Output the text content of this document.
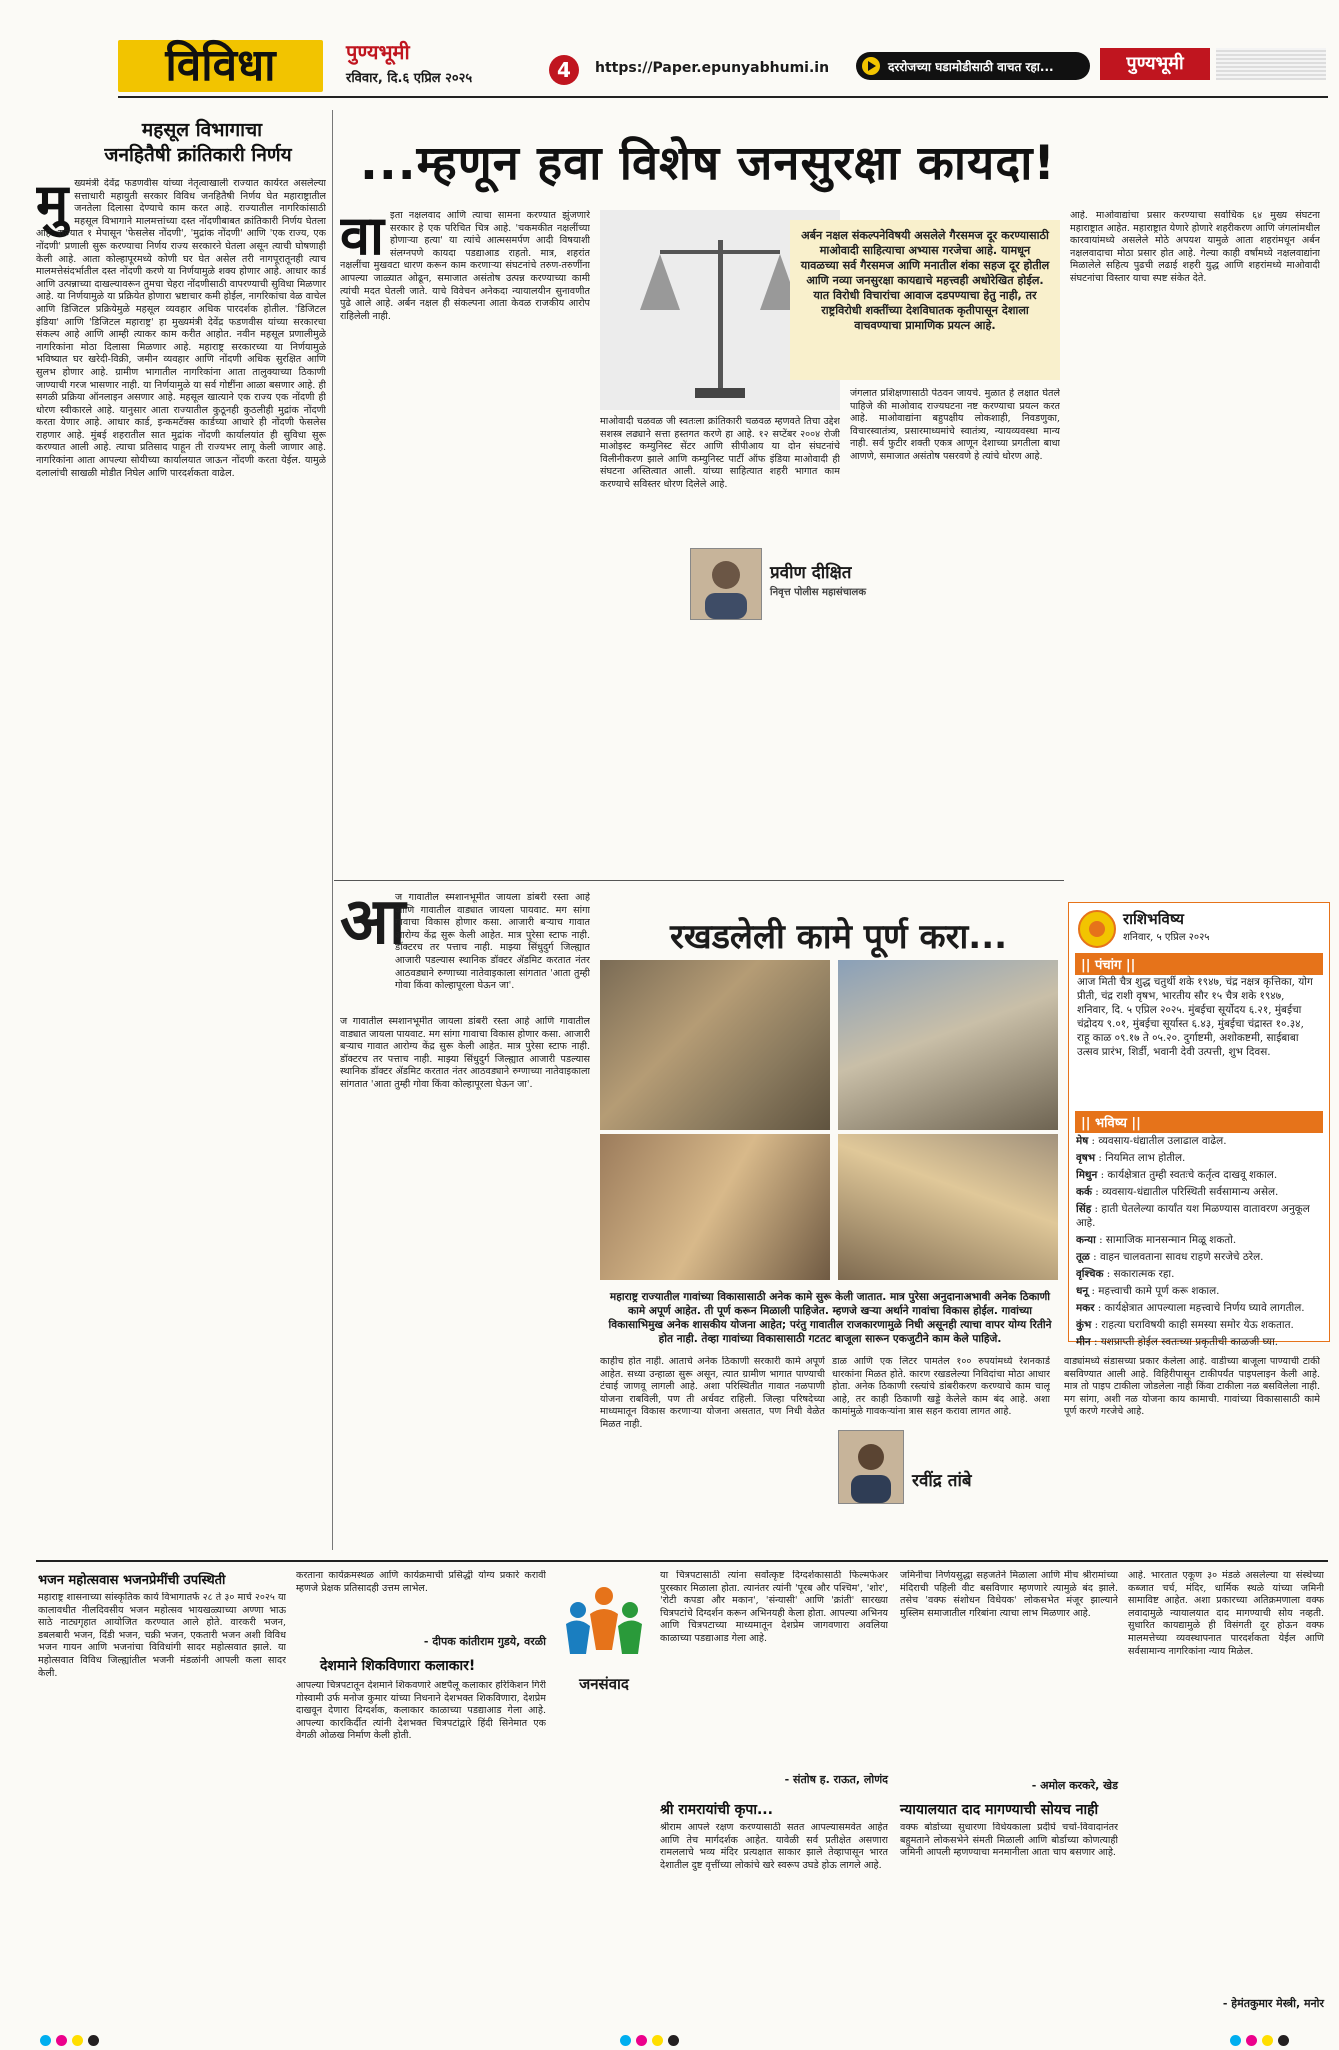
विविधा	पुण्यभूमी
रविवार, दि.६ एप्रिल २०२५	4	https://Paper.epunyabhumi.in	दररोजच्या घडामोडीसाठी वाचत रहा...	पुण्यभूमी
महसूल विभागाचा
जनहितैषी क्रांतिकारी निर्णय
मु ख्यमंत्री देवेंद्र फडणवीस यांच्या नेतृत्वाखाली राज्यात कार्यरत असलेल्या सत्ताधारी महायुती सरकार विविध जनहितैषी निर्णय घेत महाराष्ट्रातील जनतेला दिलासा देण्याचे काम करत आहे. राज्यातील नागरिकांसाठी महसूल विभागाने मालमत्तांच्या दस्त नोंदणीबाबत क्रांतिकारी निर्णय घेतला आहे. राज्यात १ मेपासून 'फेसलेस नोंदणी', 'मुद्रांक नोंदणी' आणि 'एक राज्य, एक नोंदणी' प्रणाली सुरू करण्याचा निर्णय राज्य सरकारने घेतला असून त्याची घोषणाही केली आहे. आता कोल्हापूरमध्ये कोणी घर घेत असेल तरी नागपूरातूनही त्याच मालमत्तेसंदर्भातील दस्त नोंदणी करणे या निर्णयामुळे शक्य होणार आहे. आधार कार्ड आणि उत्पन्नाच्या दाखल्यावरून तुमचा चेहरा नोंदणीसाठी वापरण्याची सुविधा मिळणार आहे. या निर्णयामुळे या प्रक्रियेत होणारा भ्रष्टाचार कमी होईल, नागरिकांचा वेळ वाचेल आणि डिजिटल प्रक्रियेमुळे महसूल व्यवहार अधिक पारदर्शक होतील. 'डिजिटल इंडिया' आणि 'डिजिटल महाराष्ट्र' हा मुख्यमंत्री देवेंद्र फडणवीस यांच्या सरकारचा संकल्प आहे आणि आम्ही त्याकर काम करीत आहोत. नवीन महसूल प्रणालीमुळे नागरिकांना मोठा दिलासा मिळणार आहे. महाराष्ट्र सरकारच्या या निर्णयामुळे भविष्यात घर खरेदी-विक्री, जमीन व्यवहार आणि नोंदणी अधिक सुरक्षित आणि सुलभ होणार आहे. ग्रामीण भागातील नागरिकांना आता तालुक्याच्या ठिकाणी जाण्याची गरज भासणार नाही. या निर्णयामुळे या सर्व गोष्टींना आळा बसणार आहे. ही सगळी प्रक्रिया ऑनलाइन असणार आहे. महसूल खात्याने एक राज्य एक नोंदणी ही धोरण स्वीकारले आहे. यानुसार आता राज्यातील कुठूनही कुठलीही मुद्रांक नोंदणी करता येणार आहे. आधार कार्ड, इन्कमटॅक्स कार्डच्या आधारे ही नोंदणी फेसलेस राहणार आहे. मुंबई शहरातील सात मुद्रांक नोंदणी कार्यालयांत ही सुविधा सुरू करण्यात आली आहे. त्याचा प्रतिसाद पाहून ती राज्यभर लागू केली जाणार आहे. नागरिकांना आता आपल्या सोयीच्या कार्यालयात जाऊन नोंदणी करता येईल. यामुळे दलालांची साखळी मोडीत निघेल आणि पारदर्शकता वाढेल.

...म्हणून हवा विशेष जनसुरक्षा कायदा!
वा इता नक्षलवाद आणि त्याचा सामना करण्यात झुंजणारे सरकार हे एक परिचित चित्र आहे. 'चकमकीत नक्षलींच्या होणाऱ्या हत्या' या त्यांचे आत्मसमर्पण आदी विषयाशी संलग्नपणे कायदा पडद्याआड राहतो. मात्र, शहरांत नक्षलींचा मुखवटा धारण करून काम करणाऱ्या संघटनांचे तरुण-तरुणींना आपल्या जाळ्यात ओढून, समाजात असंतोष उत्पन्न करण्याच्या कामी त्यांची मदत घेतली जाते. याचे विवेचन अनेकदा न्यायालयीन सुनावणीत पुढे आले आहे. अर्बन नक्षल ही संकल्पना आता केवळ राजकीय आरोप राहिलेली नाही.

माओवादी चळवळ जी स्वतःला क्रांतिकारी चळवळ म्हणवते तिचा उद्देश सशस्त्र लढ्याने सत्ता हस्तगत करणे हा आहे. १२ सप्टेंबर २००४ रोजी माओइस्ट कम्युनिस्ट सेंटर आणि सीपीआय या दोन संघटनांचे विलीनीकरण झाले आणि कम्युनिस्ट पार्टी ऑफ इंडिया माओवादी ही संघटना अस्तित्वात आली. यांच्या साहित्यात शहरी भागात काम करण्याचे सविस्तर धोरण दिलेले आहे.

अर्बन नक्षल संकल्पनेविषयी असलेले गैरसमज दूर करण्यासाठी माओवादी साहित्याचा अभ्यास गरजेचा आहे. यामधून यावळच्या सर्व गैरसमज आणि मनातील शंका सहज दूर होतील आणि नव्या जनसुरक्षा कायद्याचे महत्त्वही अधोरेखित होईल. यात विरोधी विचारांचा आवाज दडपण्याचा हेतु नाही, तर राष्ट्रविरोधी शक्तींच्या देशविघातक कृतीपासून देशाला वाचवण्याचा प्रामाणिक प्रयत्न आहे.

जंगलात प्रशिक्षणासाठी पेठवन जायचे. मुळात हे लक्षात घेतले पाहिजे की माओवाद राज्यघटना नष्ट करण्याचा प्रयत्न करत आहे. माओवाद्यांना बहुपक्षीय लोकशाही, निवडणुका, विचारस्वातंत्र्य, प्रसारमाध्यमांचे स्वातंत्र्य, न्यायव्यवस्था मान्य नाही. सर्व फुटीर शक्ती एकत्र आणून देशाच्या प्रगतीला बाधा आणणे, समाजात असंतोष पसरवणे हे त्यांचे धोरण आहे.

प्रवीण दीक्षित
निवृत्त पोलीस महासंचालक

आहे. माओवाद्यांचा प्रसार करण्याचा सर्वाधिक ६४ मुख्य संघटना महाराष्ट्रात आहेत. महाराष्ट्रात येणारे होणारे शहरीकरण आणि जंगलांमधील कारवायांमध्ये असलेले मोठे अपयश यामुळे आता शहरांमधून अर्बन नक्षलवादाचा मोठा प्रसार होत आहे. गेल्या काही वर्षांमध्ये नक्षलवाद्यांना मिळालेले सहित्य पुढची लढाई शहरी युद्ध आणि शहरांमध्ये माओवादी संघटनांचा विस्तार याचा स्पष्ट संकेत देते.

आ

ज गावातील स्मशानभूमीत जायला डांबरी रस्ता आहे आणि गावातील वाड्यात जायला पायवाट. मग सांगा गावाचा विकास होणार कसा. आजारी बऱ्याच गावात आरोग्य केंद्र सुरू केली आहेत. मात्र पुरेसा स्टाफ नाही. डॉक्टरच तर पत्ताच नाही. माझ्या सिंधुदुर्ग जिल्ह्यात आजारी पडल्यास स्थानिक डॉक्टर ॲडमिट करतात नंतर आठवड्याने रुग्णाच्या नातेवाइकाला सांगतात 'आता तुम्ही गोवा किंवा कोल्हापूरला घेऊन जा'.

ज गावातील स्मशानभूमीत जायला डांबरी रस्ता आहे आणि गावातील वाड्यात जायला पायवाट. मग सांगा गावाचा विकास होणार कसा. आजारी बऱ्याच गावात आरोग्य केंद्र सुरू केली आहेत. मात्र पुरेसा स्टाफ नाही. डॉक्टरच तर पत्ताच नाही. माझ्या सिंधुदुर्ग जिल्ह्यात आजारी पडल्यास स्थानिक डॉक्टर ॲडमिट करतात नंतर आठवड्याने रुग्णाच्या नातेवाइकाला सांगतात 'आता तुम्ही गोवा किंवा कोल्हापूरला घेऊन जा'.

रखडलेली कामे पूर्ण करा...

महाराष्ट्र राज्यातील गावांच्या विकासासाठी अनेक कामे सुरू केली जातात. मात्र पुरेसा अनुदानाअभावी अनेक ठिकाणी कामे अपूर्ण आहेत. ती पूर्ण करून मिळाली पाहिजेत. म्हणजे खऱ्या अर्थाने गावांचा विकास होईल. गावांच्या विकासाभिमुख अनेक शासकीय योजना आहेत; परंतु गावातील राजकारणामुळे निधी असूनही त्याचा वापर योग्य रितीने होत नाही. तेव्हा गावांच्या विकासासाठी गटतट बाजूला सारून एकजुटीने काम केले पाहिजे.

काहीच होत नाही. आताचे अनेक ठिकाणी सरकारी कामे अपूर्ण आहेत. सध्या उन्हाळा सुरू असून, त्यात ग्रामीण भागात पाण्याची टंचाई जाणवू लागली आहे. अशा परिस्थितीत गावात नळपाणी योजना राबविली, पण ती अर्धवट राहिली. जिल्हा परिषदेच्या माध्यमातून विकास करणाऱ्या योजना असतात, पण निधी वेळेत मिळत नाही.

डाळ आणि एक लिटर पामतेल १०० रुपयांमध्ये रेशनकार्ड धारकांना मिळत होते. कारण रखडलेल्या निविदांचा मोठा आधार होता. अनेक ठिकाणी रस्त्यांचे डांबरीकरण करण्याचे काम चालू आहे, तर काही ठिकाणी खड्डे केलेले काम बंद आहे. अशा कामांमुळे गावकऱ्यांना त्रास सहन करावा लागत आहे.

रवींद्र तांबे

वाड्यांमध्ये संडासच्या प्रकार केलेला आहे. वाडीच्या बाजूला पाण्याची टाकी बसविण्यात आली आहे. विहिरीपासून टाकीपर्यंत पाइपलाइन केली आहे. मात्र तो पाइप टाकीला जोडलेला नाही किंवा टाकीला नळ बसविलेला नाही. मग सांगा, अशी नळ योजना काय कामाची. गावांच्या विकासासाठी कामे पूर्ण करणे गरजेचे आहे.

राशिभविष्य
शनिवार, ५ एप्रिल २०२५
|| पंचांग ||

आज मिती चैत्र शुद्ध चतुर्थी शके १९४७, चंद्र नक्षत्र कृत्तिका, योग प्रीती, चंद्र राशी वृषभ, भारतीय सौर १५ चैत्र शके १९४७, शनिवार, दि. ५ एप्रिल २०२५. मुंबईचा सूर्योदय ६.२१, मुंबईचा चंद्रोदय ९.०१, मुंबईचा सूर्यास्त ६.४३, मुंबईचा चंद्रास्त १०.३४, राहू काळ ०९.१७ ते ०५.२०. दुर्गाष्टमी, अशोकष्टमी, साईबाबा उत्सव प्रारंभ, शिर्डी, भवानी देवी उत्पत्ती, शुभ दिवस.

|| भविष्य ||
मेष : व्यवसाय-धंद्यातील उलाढाल वाढेल.
वृषभ : नियमित लाभ होतील.
मिथुन : कार्यक्षेत्रात तुम्ही स्वतःचे कर्तृत्व दाखवू शकाल.
कर्क : व्यवसाय-धंद्यातील परिस्थिती सर्वसामान्य असेल.
सिंह : हाती घेतलेल्या कार्यांत यश मिळण्यास वातावरण अनुकूल आहे.
कन्या : सामाजिक मानसन्मान मिळू शकतो.
तूळ : वाहन चालवताना सावध राहणे सरजेचे ठरेल.
वृश्चिक : सकारात्मक रहा.
धनू : महत्त्वाची कामे पूर्ण करू शकाल.
मकर : कार्यक्षेत्रात आपल्याला महत्त्वाचे निर्णय घ्यावे लागतील.
कुंभ : राहत्या घराविषयी काही समस्या समोर येऊ शकतात.
मीन : यशप्राप्ती होईल स्वतःच्या प्रकृतीची काळजी घ्या.
भजन महोत्सवास भजनप्रेमींची उपस्थिती

महाराष्ट्र शासनाच्या सांस्कृतिक कार्य विभागातर्फे २८ ते ३० मार्च २०२५ या कालावधीत नीलदिवसीय भजन महोत्सव भायखळ्याच्या अण्णा भाऊ साठे नाट्यगृहात आयोजित करण्यात आले होते. वारकरी भजन, डबलबारी भजन, दिंडी भजन, चक्री भजन, एकतारी भजन अशी विविध भजन गायन आणि भजनांचा विविधांगी सादर महोत्सवात झाले. या महोत्सवात विविध जिल्ह्यांतील भजनी मंडळांनी आपली कला सादर केली.

करताना कार्यक्रमस्थळ आणि कार्यक्रमाची प्रसिद्धी योग्य प्रकारे करावी म्हणजे प्रेक्षक प्रतिसादही उत्तम लाभेल.

- दीपक कांतीराम गुडये, वरळी
देशमाने शिकविणारा कलाकार!

आपल्या चित्रपटातून देशमाने शिकवणारे अष्टपैलू कलाकार हरिकिशन गिरी गोस्वामी उर्फ मनोज कुमार यांच्या निधनाने देशभक्त शिकविणारा, देशप्रेम दाखवून देणारा दिग्दर्शक, कलाकार काळाच्या पडद्याआड गेला आहे. आपल्या कारकिर्दीत त्यांनी देशभक्त चित्रपटांद्वारे हिंदी सिनेमात एक वेगळी ओळख निर्माण केली होती.

जनसंवाद

या चित्रपटासाठी त्यांना सर्वोत्कृष्ट दिग्दर्शकासाठी फिल्मफेअर पुरस्कार मिळाला होता. त्यानंतर त्यांनी 'पूरब और पश्चिम', 'शोर', 'रोटी कपडा और मकान', 'संन्यासी' आणि 'क्रांती' सारख्या चित्रपटांचे दिग्दर्शन करून अभिनयही केला होता. आपल्या अभिनय आणि चित्रपटाच्या माध्यमातून देशप्रेम जागवणारा अवलिया काळाच्या पडद्याआड गेला आहे.

- संतोष ह. राऊत, लोणंद
श्री रामरायांची कृपा...

श्रीराम आपले रक्षण करण्यासाठी सतत आपल्यासमवेत आहेत आणि तेच मार्गदर्शक आहेत. यावेळी सर्व प्रतीक्षेत असणारा रामललाचे भव्य मंदिर प्रत्यक्षात साकार झाले तेव्हापासून भारत देशातील दुष्ट वृत्तींच्या लोकांचे खरे स्वरूप उघडे होऊ लागले आहे.

जमिनीचा निर्णयसुद्धा सहजतेने मिळाला आणि मीच श्रीरामांच्या मंदिराची पहिली वीट बसविणार म्हणणारे त्यामुळे बंद झाले. तसेच 'वक्फ संशोधन विधेयक' लोकसभेत मंजूर झाल्याने मुस्लिम समाजातील गरिबांना त्याचा लाभ मिळणार आहे.

- अमोल करकरे, खेड
न्यायालयात दाद मागण्याची सोयच नाही

वक्फ बोर्डाच्या सुधारणा विधेयकाला प्रदीर्घ चर्चा-विवादानंतर बहुमताने लोकसभेने संमती मिळाली आणि बोर्डाच्या कोणत्याही जमिनी आपली म्हणण्याचा मनमानीला आता चाप बसणार आहे.

आहे. भारतात एकूण ३० मंडळे असलेल्या या संस्थेच्या कब्जात चर्च, मंदिर, धार्मिक स्थळे यांच्या जमिनी सामाविष्ट आहेत. अशा प्रकारच्या अतिक्रमणाला वक्फ लवादामुळे न्यायालयात दाद मागण्याची सोय नव्हती. सुधारित कायद्यामुळे ही विसंगती दूर होऊन वक्फ मालमत्तेच्या व्यवस्थापनात पारदर्शकता येईल आणि सर्वसामान्य नागरिकांना न्याय मिळेल.

- हेमंतकुमार मेस्त्री, मनोर
